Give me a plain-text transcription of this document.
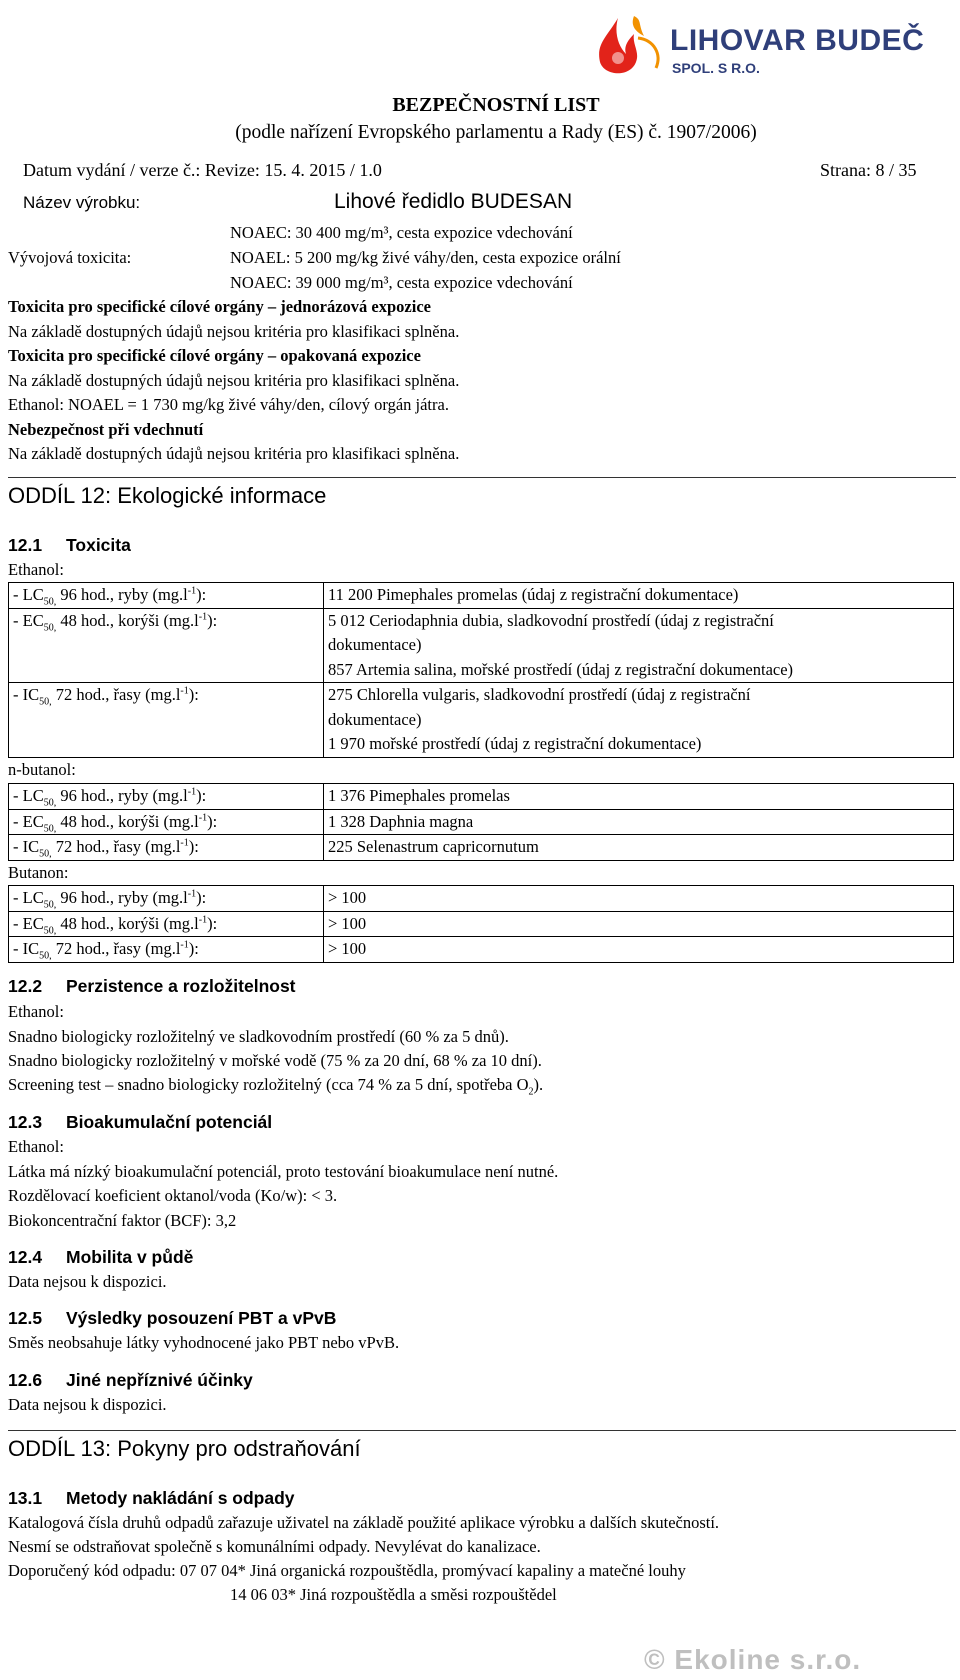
LIHOVAR BUDEČ
SPOL. S R.O.
BEZPEČNOSTNÍ LIST
(podle nařízení Evropského parlamentu a Rady (ES) č. 1907/2006)
Datum vydání / verze č.: Revize: 15. 4. 2015 / 1.0	Strana: 8 / 35
Název výrobku:	Lihové ředidlo BUDESAN
NOAEC: 30 400 mg/m³, cesta expozice vdechování
Vývojová toxicita:	NOAEL: 5 200 mg/kg živé váhy/den, cesta expozice orální
NOAEC: 39 000 mg/m³, cesta expozice vdechování
Toxicita pro specifické cílové orgány – jednorázová expozice
Na základě dostupných údajů nejsou kritéria pro klasifikaci splněna.
Toxicita pro specifické cílové orgány – opakovaná expozice
Na základě dostupných údajů nejsou kritéria pro klasifikaci splněna.
Ethanol: NOAEL = 1 730 mg/kg živé váhy/den, cílový orgán játra.
Nebezpečnost při vdechnutí
Na základě dostupných údajů nejsou kritéria pro klasifikaci splněna.
ODDÍL 12: Ekologické informace
12.1 Toxicita
Ethanol:
- $LC_{50,}$ 96 hod., ryby $(mg.l^{-1})$:	11 200 Pimephales promelas (údaj z registrační dokumentace)
- $EC_{50,}$ 48 hod., korýši $(mg.l^{-1})$:	5 012 Ceriodaphnia dubia, sladkovodní prostředí (údaj z registrační
dokumentace)
857 Artemia salina, mořské prostředí (údaj z registrační dokumentace)

- $IC_{50,}$ 72 hod., řasy $(mg.l^{-1})$:	275 Chlorella vulgaris, sladkovodní prostředí (údaj z registrační
dokumentace)
1 970 mořské prostředí (údaj z registrační dokumentace)
n-butanol:
- $LC_{50,}$ 96 hod., ryby $(mg.l^{-1})$:	1 376 Pimephales promelas
- $EC_{50,}$ 48 hod., korýši $(mg.l^{-1})$:	1 328 Daphnia magna
- $IC_{50,}$ 72 hod., řasy $(mg.l^{-1})$:	225 Selenastrum capricornutum
Butanon:
- $LC_{50,}$ 96 hod., ryby $(mg.l^{-1})$:	> 100
- $EC_{50,}$ 48 hod., korýši $(mg.l^{-1})$:	> 100
- $IC_{50,}$ 72 hod., řasy $(mg.l^{-1})$:	> 100
12.2 Perzistence a rozložitelnost
Ethanol:
Snadno biologicky rozložitelný ve sladkovodním prostředí (60 % za 5 dnů).
Snadno biologicky rozložitelný v mořské vodě (75 % za 20 dní, 68 % za 10 dní).
Screening test – snadno biologicky rozložitelný (cca 74 % za 5 dní, spotřeba $O_2$).
12.3 Bioakumulační potenciál
Ethanol:
Látka má nízký bioakumulační potenciál, proto testování bioakumulace není nutné.
Rozdělovací koeficient oktanol/voda (Ko/w): < 3.
Biokoncentrační faktor (BCF): 3,2
12.4 Mobilita v půdě
Data nejsou k dispozici.
12.5 Výsledky posouzení PBT a vPvB
Směs neobsahuje látky vyhodnocené jako PBT nebo vPvB.
12.6 Jiné nepříznivé účinky
Data nejsou k dispozici.
ODDÍL 13: Pokyny pro odstraňování
13.1 Metody nakládání s odpady
Katalogová čísla druhů odpadů zařazuje uživatel na základě použité aplikace výrobku a dalších skutečností.
Nesmí se odstraňovat společně s komunálními odpady. Nevylévat do kanalizace.
Doporučený kód odpadu: 07 07 04* Jiná organická rozpouštědla, promývací kapaliny a matečné louhy
14 06 03* Jiná rozpouštědla a směsi rozpouštědel
© Ekoline s.r.o.
